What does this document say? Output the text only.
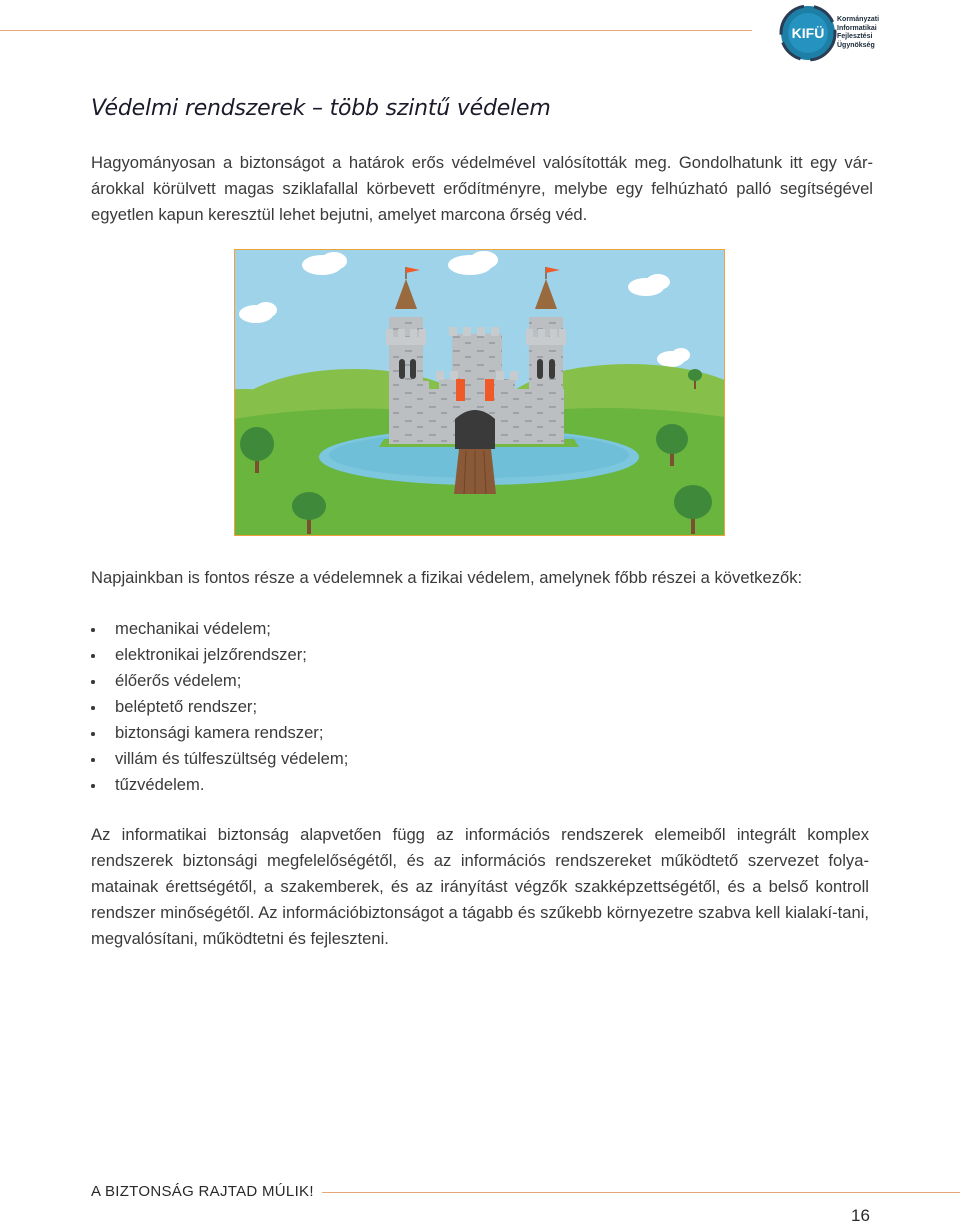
KIFÜ
Kormányzati
Informatikai
Fejlesztési
Ügynökség
Védelmi rendszerek – több szintű védelem

Hagyományosan a biztonságot a határok erős védelmével valósították meg. Gondolhatunk itt egy vár-árokkal körülvett magas sziklafallal körbevett erődítményre, melybe egy felhúzható palló segítségével egyetlen kapun keresztül lehet bejutni, amelyet marcona őrség véd.

Napjainkban is fontos része a védelemnek a fizikai védelem, amelynek főbb részei a következők:

mechanikai védelem;
elektronikai jelzőrendszer;
élőerős védelem;
beléptető rendszer;
biztonsági kamera rendszer;
villám és túlfeszültség védelem;
tűzvédelem.

Az informatikai biztonság alapvetően függ az információs rendszerek elemeiből integrált komplex rendszerek biztonsági megfelelőségétől, és az információs rendszereket működtető szervezet folya-matainak érettségétől, a szakemberek, és az irányítást végzők szakképzettségétől, és a belső kontroll rendszer minőségétől. Az információbiztonságot a tágabb és szűkebb környezetre szabva kell kialakí-tani, megvalósítani, működtetni és fejleszteni.

A BIZTONSÁG RAJTAD MÚLIK!
16
